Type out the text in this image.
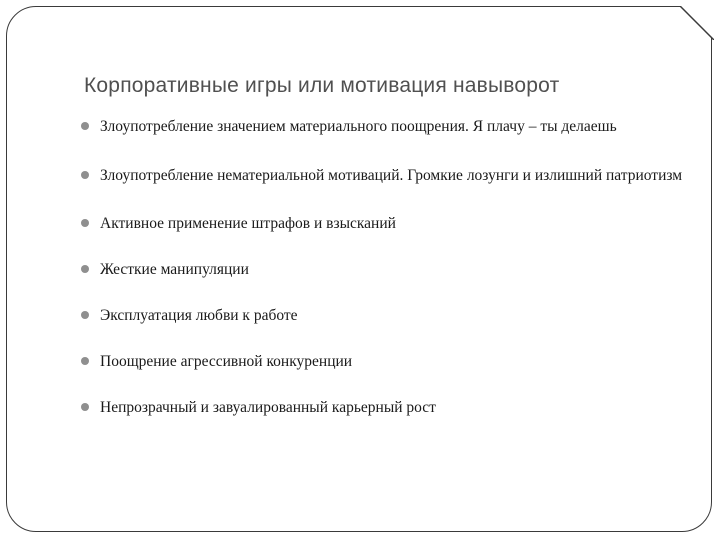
Корпоративные игры или мотивация навыворот
Злоупотребление значением материального поощрения. Я плачу – ты делаешь
Злоупотребление нематериальной мотиваций. Громкие лозунги и излишний патриотизм
Активное применение штрафов и взысканий
Жесткие манипуляции
Эксплуатация любви к работе
Поощрение агрессивной конкуренции
Непрозрачный и завуалированный карьерный рост
